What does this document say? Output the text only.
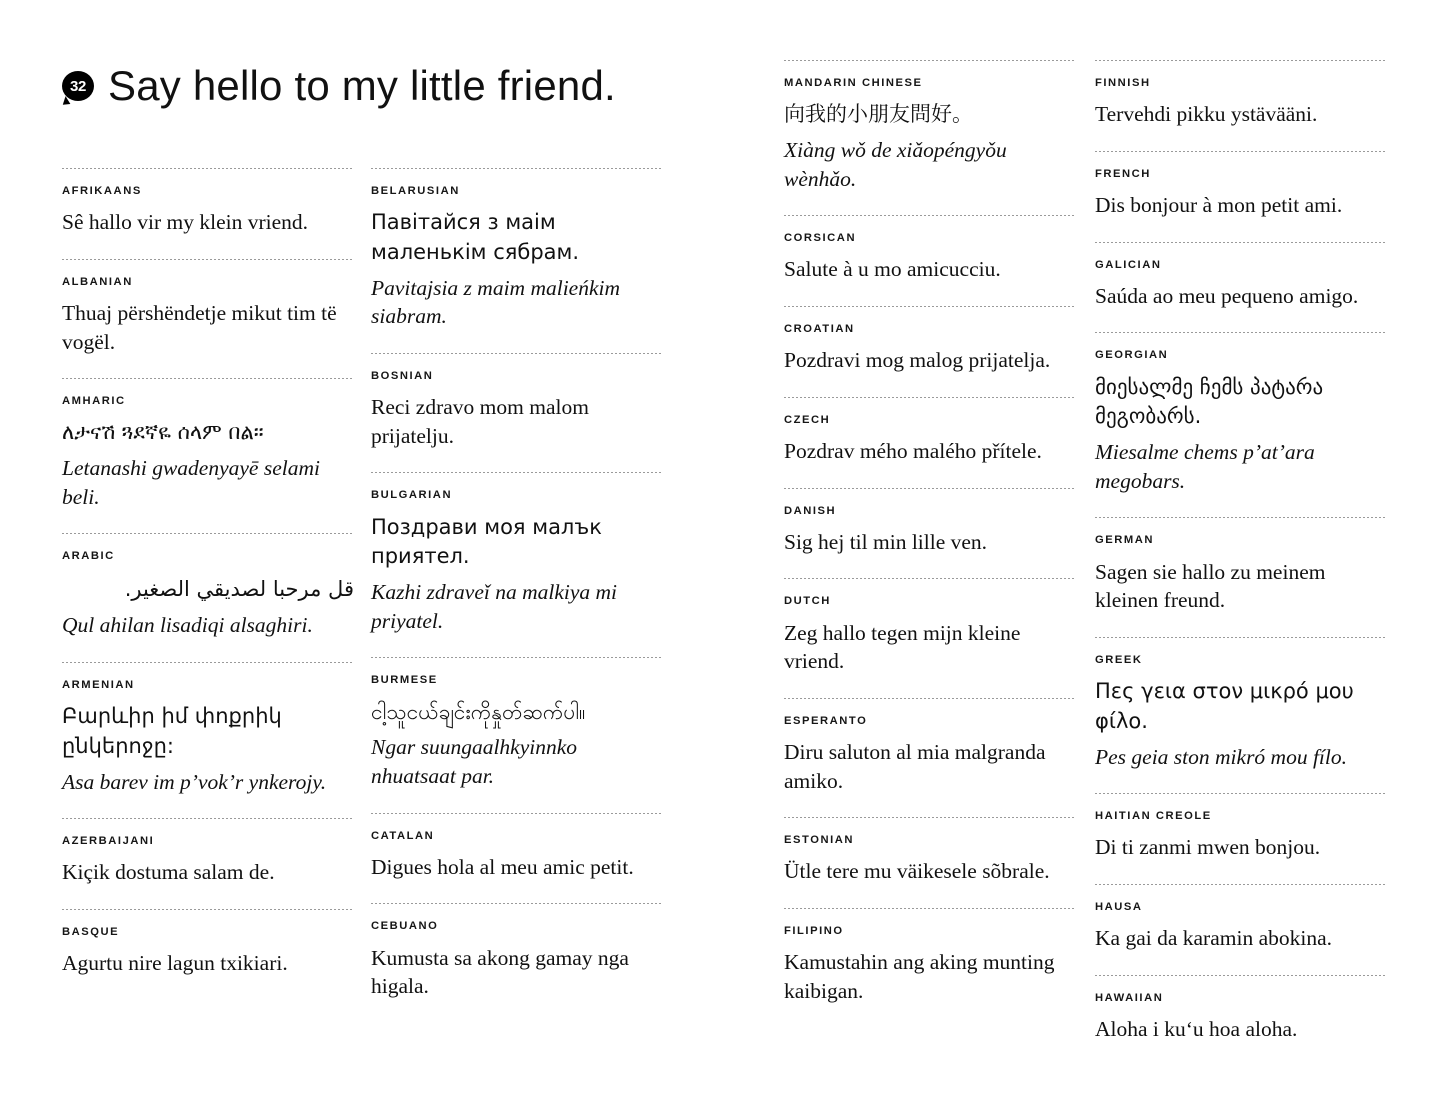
32 Say hello to my little friend.
AFRIKAANS
Sê hallo vir my klein vriend.
ALBANIAN
Thuaj përshëndetje mikut tim të vogël.
AMHARIC
ለታናሽ ጓደኛዬ ሰላም በል።
Letanashi gwadenyayē selami beli.
ARABIC
قل مرحبا لصديقي الصغير.
Qul ahilan lisadiqi alsaghiri.
ARMENIAN
Բարևիր իմ փոքրիկ ընկերոջը:
Asa barev im p’vok’r ynkerojy.
AZERBAIJANI
Kiçik dostuma salam de.
BASQUE
Agurtu nire lagun txikiari.
BELARUSIAN
Павітайся з маім маленькім сябрам.
Pavitajsia z maim malieńkim siabram.
BOSNIAN
Reci zdravo mom malom prijatelju.
BULGARIAN
Поздрави моя малък приятел.
Kazhi zdraveǐ na malkiya mi priyatel.
BURMESE
ငါ့သူငယ်ချင်းကိုနှုတ်ဆက်ပါ။
Ngar suungaalhkyinnko nhuatsaat par.
CATALAN
Digues hola al meu amic petit.
CEBUANO
Kumusta sa akong gamay nga higala.
MANDARIN CHINESE
向我的小朋友問好。
Xiàng wǒ de xiǎopéngyǒu wènhǎo.
CORSICAN
Salute à u mo amicucciu.
CROATIAN
Pozdravi mog malog prijatelja.
CZECH
Pozdrav mého malého přítele.
DANISH
Sig hej til min lille ven.
DUTCH
Zeg hallo tegen mijn kleine vriend.
ESPERANTO
Diru saluton al mia malgranda amiko.
ESTONIAN
Ütle tere mu väikesele sõbrale.
FILIPINO
Kamustahin ang aking munting kaibigan.
FINNISH
Tervehdi pikku ystävääni.
FRENCH
Dis bonjour à mon petit ami.
GALICIAN
Saúda ao meu pequeno amigo.
GEORGIAN
მიესალმე ჩემს პატარა მეგობარს.
Miesalme chems p’at’ara megobars.
GERMAN
Sagen sie hallo zu meinem kleinen freund.
GREEK
Πες γεια στον μικρό μου φίλο.
Pes geia ston mikró mou fílo.
HAITIAN CREOLE
Di ti zanmi mwen bonjou.
HAUSA
Ka gai da karamin abokina.
HAWAIIAN
Aloha i kuʻu hoa aloha.
